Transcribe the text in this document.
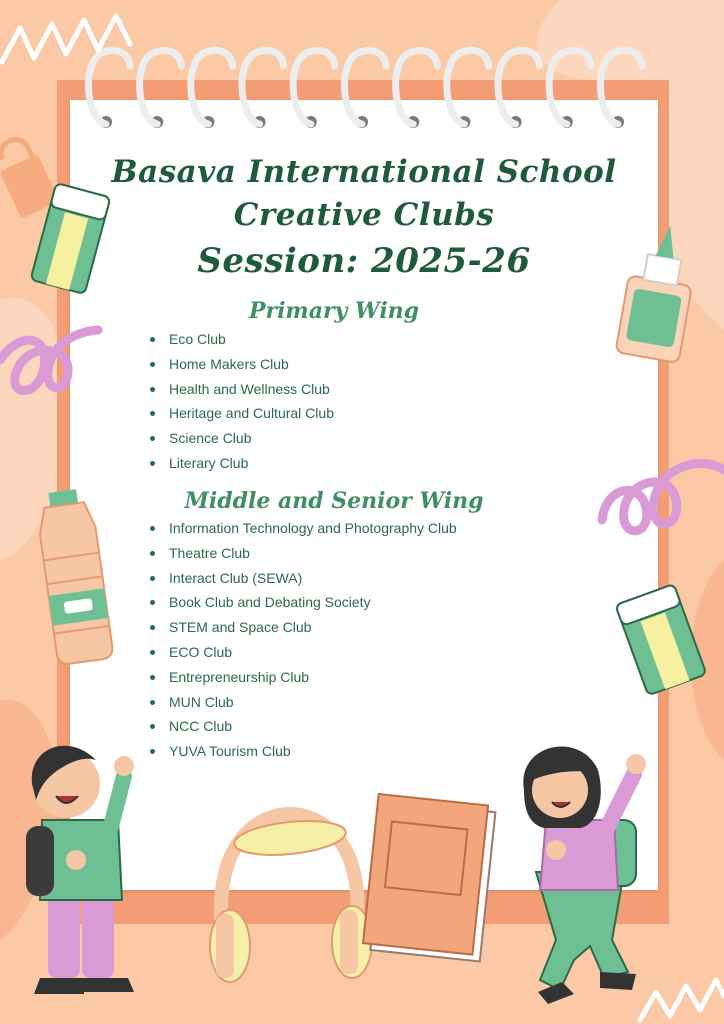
Basava International School
Creative Clubs
Session: 2025-26
Primary Wing
Eco Club
Home Makers Club
Health and Wellness Club
Heritage and Cultural Club
Science Club
Literary Club
Middle and Senior Wing
Information Technology and Photography Club
Theatre Club
Interact Club (SEWA)
Book Club and Debating Society
STEM and Space Club
ECO Club
Entrepreneurship Club
MUN Club
NCC Club
YUVA Tourism Club
